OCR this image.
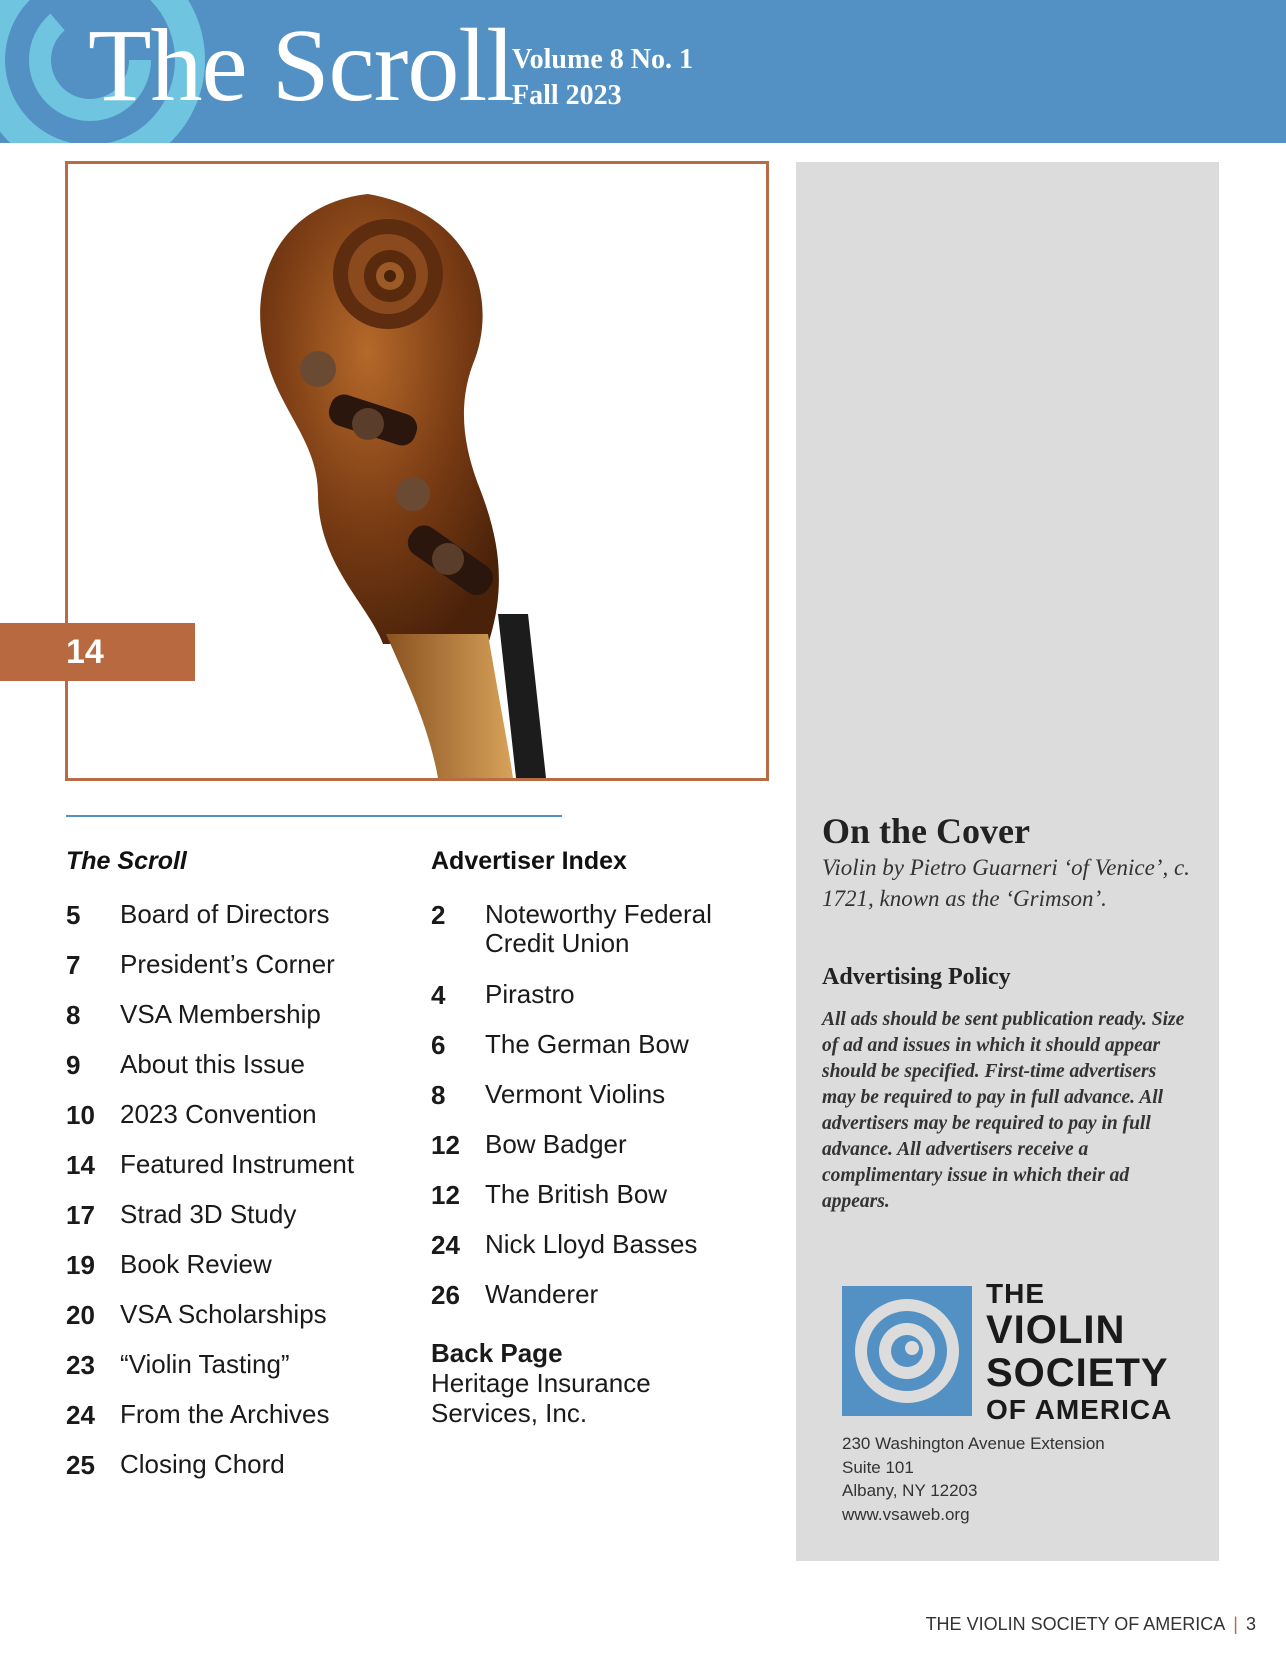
The Scroll
Volume 8 No. 1
Fall 2023
14
The Scroll
5 Board of Directors
7 President’s Corner
8 VSA Membership
9 About this Issue
10 2023 Convention
14 Featured Instrument
17 Strad 3D Study
19 Book Review
20 VSA Scholarships
23 “Violin Tasting”
24 From the Archives
25 Closing Chord
Advertiser Index
2 Noteworthy Federal
Credit Union
4 Pirastro
6 The German Bow
8 Vermont Violins
12 Bow Badger
12 The British Bow
24 Nick Lloyd Basses
26 Wanderer
Back Page
Heritage Insurance
Services, Inc.
On the Cover
Violin by Pietro Guarneri ‘of Venice’, c. 1721, known as the ‘Grimson’.
Advertising Policy
All ads should be sent publication ready. Size of ad and issues in which it should appear should be specified. First-time advertisers may be required to pay in full advance. All advertisers may be required to pay in full advance. All advertisers receive a complimentary issue in which their ad appears.
THE
VIOLIN
SOCIETY
OF AMERICA
230 Washington Avenue Extension
Suite 101
Albany, NY 12203
www.vsaweb.org
THE VIOLIN SOCIETY OF AMERICA | 3
